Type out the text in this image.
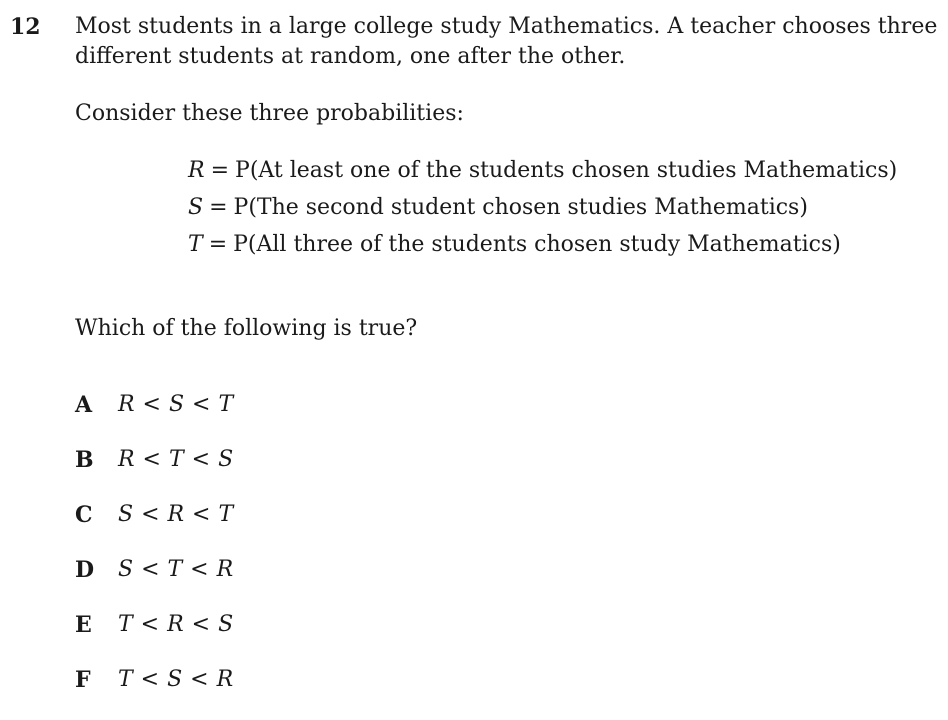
12 Most students in a large college study Mathematics. A teacher chooses three

different students at random, one after the other.

Consider these three probabilities:

R = P(At least one of the students chosen studies Mathematics)
S = P(The second student chosen studies Mathematics)
T = P(All three of the students chosen study Mathematics)

Which of the following is true?

A	R < S < T
B	R < T < S
C	S < R < T
D	S < T < R
E	T < R < S
F	T < S < R
